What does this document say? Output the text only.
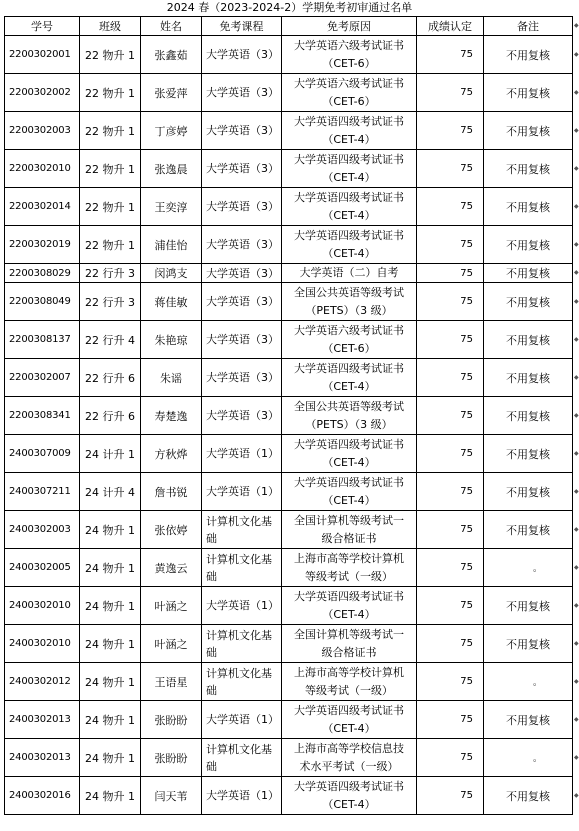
2024 春（2023-2024-2）学期免考初审通过名单
学号	班级	姓名	免考课程	免考原因	成绩认定	备注
2200302001	22 物升 1	张鑫茹	大学英语（3）	大学英语六级考试证书
（CET-6）	75	不用复核
2200302002	22 物升 1	张爱萍	大学英语（3）	大学英语六级考试证书
（CET-6）	75	不用复核
2200302003	22 物升 1	丁彦婷	大学英语（3）	大学英语四级考试证书
（CET-4）	75	不用复核
2200302010	22 物升 1	张逸晨	大学英语（3）	大学英语四级考试证书
（CET-4）	75	不用复核
2200302014	22 物升 1	王奕淳	大学英语（3）	大学英语四级考试证书
（CET-4）	75	不用复核
2200302019	22 物升 1	浦佳怡	大学英语（3）	大学英语四级考试证书
（CET-4）	75	不用复核
2200308029	22 行升 3	闵鸿支	大学英语（3）	大学英语（二）自考	75	不用复核
2200308049	22 行升 3	蒋佳敏	大学英语（3）	全国公共英语等级考试
（PETS）（3 级）	75	不用复核
2200308137	22 行升 4	朱艳琼	大学英语（3）	大学英语六级考试证书
（CET-6）	75	不用复核
2200302007	22 行升 6	朱谣	大学英语（3）	大学英语四级考试证书
（CET-4）	75	不用复核
2200308341	22 行升 6	寿楚逸	大学英语（3）	全国公共英语等级考试
（PETS）（3 级）	75	不用复核
2400307009	24 计升 1	方秋烨	大学英语（1）	大学英语四级考试证书
（CET-4）	75	不用复核
2400307211	24 计升 4	詹书锐	大学英语（1）	大学英语四级考试证书
（CET-4）	75	不用复核
2400302003	24 物升 1	张依婷	计算机文化基础	全国计算机等级考试一
级合格证书	75	不用复核
2400302005	24 物升 1	黄逸云	计算机文化基础	上海市高等学校计算机
等级考试（一级）	75	。
2400302010	24 物升 1	叶涵之	大学英语（1）	大学英语四级考试证书
（CET-4）	75	不用复核
2400302010	24 物升 1	叶涵之	计算机文化基础	全国计算机等级考试一
级合格证书	75	不用复核
2400302012	24 物升 1	王语星	计算机文化基础	上海市高等学校计算机
等级考试（一级）	75	。
2400302013	24 物升 1	张盼盼	大学英语（1）	大学英语四级考试证书
（CET-4）	75	不用复核
2400302013	24 物升 1	张盼盼	计算机文化基础	上海市高等学校信息技
术水平考试（一级）	75	。
2400302016	24 物升 1	闫天苇	大学英语（1）	大学英语四级考试证书
（CET-4）	75	不用复核
◆
◆
◆
◆
◆
◆
◆
◆
◆
◆
◆
◆
◆
◆
◆
◆
◆
◆
◆
◆
◆
◆
